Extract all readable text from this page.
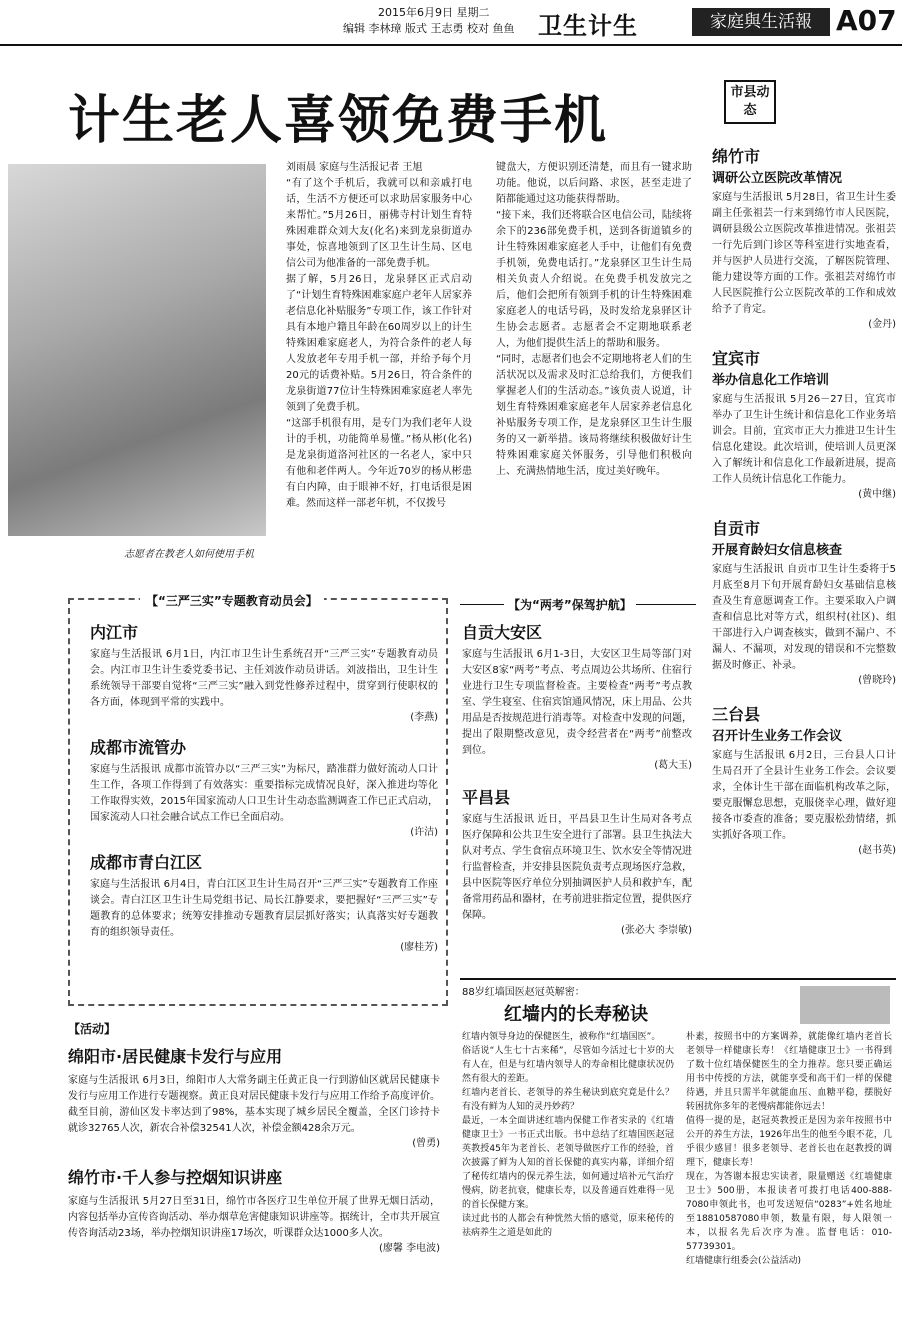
2015年6月9日 星期二
编辑 李林璋 版式 王志勇 校对 鱼鱼 卫生计生	家庭與生活報 A07
计生老人喜领免费手机
志愿者在教老人如何使用手机
刘雨晨 家庭与生活报记者 王旭
“有了这个手机后，我就可以和亲戚打电话，生活不方便还可以求助居家服务中心来帮忙。”5月26日，丽佛寺村计划生育特殊困难群众刘大友(化名)来到龙泉街道办事处，惊喜地领到了区卫生计生局、区电信公司为他准备的一部免费手机。
据了解，5月26日，龙泉驿区正式启动了“计划生育特殊困难家庭户老年人居家养老信息化补贴服务”专项工作，该工作针对具有本地户籍且年龄在60周岁以上的计生特殊困难家庭老人，为符合条件的老人每人发放老年专用手机一部，并给予每个月20元的话费补贴。5月26日，符合条件的龙泉街道77位计生特殊困难家庭老人率先领到了免费手机。
“这部手机很有用，是专门为我们老年人设计的手机，功能简单易懂。”杨从彬(化名)是龙泉街道洛河社区的一名老人，家中只有他和老伴两人。今年近70岁的杨从彬患有白内障，由于眼神不好，打电话很是困难。然而这样一部老年机，不仅拨号
键盘大，方便识别还清楚，而且有一键求助功能。他说，以后问路、求医，甚至走进了陌都能通过这功能获得帮助。
“接下来，我们还将联合区电信公司，陆续将余下的236部免费手机，送到各街道镇乡的计生特殊困难家庭老人手中，让他们有免费手机领，免费电话打。”龙泉驿区卫生计生局相关负责人介绍说。在免费手机发放完之后，他们会把所有领到手机的计生特殊困难家庭老人的电话号码，及时发给龙泉驿区计生协会志愿者。志愿者会不定期地联系老人，为他们提供生活上的帮助和服务。
“同时，志愿者们也会不定期地将老人们的生活状况以及需求及时汇总给我们，方便我们掌握老人们的生活动态。”该负责人说道，计划生育特殊困难家庭老年人居家养老信息化补贴服务专项工作，是龙泉驿区卫生计生服务的又一新举措。该局将继续积极做好计生特殊困难家庭关怀服务，引导他们积极向上、充满热情地生活，度过美好晚年。
市县动态
绵竹市
调研公立医院改革情况
家庭与生活报讯 5月28日，省卫生计生委副主任张祖芸一行来到绵竹市人民医院，调研县级公立医院改革推进情况。张祖芸一行先后到门诊区等科室进行实地查看，并与医护人员进行交流，了解医院管理、能力建设等方面的工作。张祖芸对绵竹市人民医院推行公立医院改革的工作和成效给予了肯定。
(金丹)
宜宾市
举办信息化工作培训
家庭与生活报讯 5月26－27日，宜宾市举办了卫生计生统计和信息化工作业务培训会。目前，宜宾市正大力推进卫生计生信息化建设。此次培训，使培训人员更深入了解统计和信息化工作最新进展，提高工作人员统计信息化工作能力。
(黄中继)
自贡市
开展育龄妇女信息核查
家庭与生活报讯 自贡市卫生计生委将于5月底至8月下旬开展育龄妇女基础信息核查及生育意愿调查工作。主要采取入户调查和信息比对等方式，组织村(社区)、组干部进行入户调查核实，做到不漏户、不漏人、不漏项，对发现的错误和不完整数据及时修正、补录。
(曾晓玲)
三台县
召开计生业务工作会议
家庭与生活报讯 6月2日，三台县人口计生局召开了全县计生业务工作会。会议要求，全体计生干部在面临机构改革之际，要克服懈怠思想，克服侥幸心理，做好迎接各市委查的准备；要克服松劲情绪，抓实抓好各项工作。
(赵书英)
【“三严三实”专题教育动员会】
内江市
家庭与生活报讯 6月1日，内江市卫生计生系统召开“三严三实”专题教育动员会。内江市卫生计生委党委书记、主任刘波作动员讲话。刘波指出，卫生计生系统领导干部要自觉将“三严三实”融入到党性修养过程中，贯穿到行使职权的各方面，体现到平常的实践中。
(李燕)
成都市流管办
家庭与生活报讯 成都市流管办以“三严三实”为标尺，踏准群力做好流动人口计生工作，各项工作得到了有效落实：重要指标完成情况良好，深入推进均等化工作取得实效，2015年国家流动人口卫生计生动态监测调查工作已正式启动，国家流动人口社会融合试点工作已全面启动。
(许洁)
成都市青白江区
家庭与生活报讯 6月4日，青白江区卫生计生局召开“三严三实”专题教育工作座谈会。青白江区卫生计生局党组书记、局长江静要求，要把握好“三严三实”专题教育的总体要求；统筹安排推动专题教育层层抓好落实；认真落实好专题教育的组织领导责任。
(廖桂芳)
【为“两考”保驾护航】
自贡大安区
家庭与生活报讯 6月1-3日，大安区卫生局等部门对大安区8家“两考”考点、考点周边公共场所、住宿行业进行卫生专项监督检查。主要检查“两考”考点教室、学生寝室、住宿宾馆通风情况，床上用品、公共用品是否按规范进行消毒等。对检查中发现的问题，提出了限期整改意见，责令经营者在“两考”前整改到位。
(葛大玉)
平昌县
家庭与生活报讯 近日，平昌县卫生计生局对各考点医疗保障和公共卫生安全进行了部署。县卫生执法大队对考点、学生食宿点环境卫生、饮水安全等情况进行监督检查，并安排县医院负责考点现场医疗急救，县中医院等医疗单位分别抽调医护人员和救护车，配备常用药品和器材，在考前进驻指定位置，提供医疗保障。
(张必大 李崇敏)
【活动】
绵阳市·居民健康卡发行与应用
家庭与生活报讯 6月3日，绵阳市人大常务副主任黄正良一行到游仙区就居民健康卡发行与应用工作进行专题视察。黄正良对居民健康卡发行与应用工作给予高度评价。截至目前，游仙区发卡率达到了98%，基本实现了城乡居民全覆盖，全区门诊持卡就诊32765人次，新农合补偿32541人次，补偿金额428余万元。
(曾勇)
绵竹市·千人参与控烟知识讲座
家庭与生活报讯 5月27日至31日，绵竹市各医疗卫生单位开展了世界无烟日活动，内容包括举办宣传咨询活动、举办烟草危害健康知识讲座等。据统计，全市共开展宣传咨询活动23场，举办控烟知识讲座17场次，听课群众达1000多人次。
(廖馨 李电波)
88岁红墙国医赵冠英解密：
红墙内的长寿秘诀
红墙内领导身边的保健医生，被称作“红墙国医”。
俗话说“人生七十古来稀”，尽管如今活过七十岁的大有人在，但是与红墙内领导人的寿命相比健康状况仍然有很大的差距。
红墙内老首长、老领导的养生秘诀到底究竟是什么？有没有鲜为人知的灵丹妙药？
最近，一本全面讲述红墙内保健工作者实录的《红墙健康卫士》一书正式出版。书中总结了红墙国医赵冠英教授45年为老首长、老领导做医疗工作的经验，首次披露了鲜为人知的首长保健的真实内幕，详细介绍了秘传红墙内的保元养生法，如何通过培补元气治疗慢病，防老抗衰，健康长寿，以及普通百姓难得一见的首长保健方案。
读过此书的人都会有种恍然大悟的感觉，原来秘传的祛病养生之道是如此的
朴素，按照书中的方案调养，就能像红墙内老首长老领导一样健康长寿！《红墙健康卫士》一书得到了数十位红墙保健医生的全力推荐。您只要正确运用书中传授的方法，就能享受和高干们一样的保健待遇，并且只需半年就能血压、血糖平稳，摆脱好转困扰你多年的老慢病都能你远去！
值得一提的是，赵冠英教授正是因为亲年按照书中公开的养生方法，1926年出生的他至今眼不花，几乎很少感冒！很多老领导、老首长也在赵教授的调理下，健康长寿！
现在，为答谢本报忠实读者，限量赠送《红墙健康卫士》500册，本报读者可拨打电话400-888-7080申领此书，也可发送短信“0283”+姓名地址至18810587080申领，数量有限，每人限领一本，以报名先后次序为准。监督电话：010-57739301。
红墙健康行组委会(公益活动)
